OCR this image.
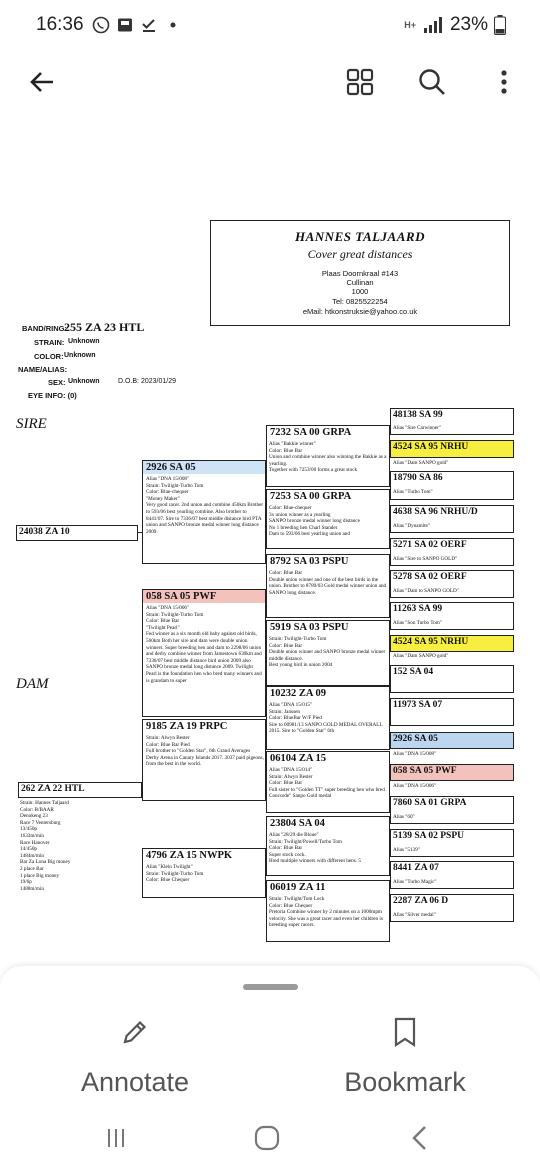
16:36	H+ 23%
HANNES TALJAARD
Cover great distances
Plaas Doornkraal #143
Cullinan
1000
Tel: 0825522254
eMail: htkonstruksie@yahoo.co.uk
BAND/RING:
255 ZA 23 HTL
STRAIN: Unknown
COLOR: Unknown
NAME/ALIAS:
SEX: Unknown	D.O.B: 2023/01/29
EYE INFO: (0)
SIRE
DAM
24038 ZA 10
262 ZA 22 HTL
Strain: Hannes Taljaard
Color: B/BAAR
Denokeng 23
Race 7 Ventersburg
13/450p
1633m/min
Race Hanover
14/450p
1484m/min
Bar Za Lona Big money
2 place Bar
1 place Big money
19/6p
1488m/min
2926 SA 05
Alias "DNA 15/008"
Strain: Twilight-Turbo Tom
Color: Blue-chequer
"Money Maker"
Very good racer. 2nd union and combine 450km Brother to 593/06 best yearling combine. Also brother to 8441/07. Sire to 7336/07 best middle distance bird PTA union and SANPO bronze medal winner long distance 2009.
058 SA 05 PWF
Alias "DNA 15/006"
Strain: Twilight-Turbo Tom
Color: Blue Bar
"Twilight Pearl"
Fed winner as a six month old baby against old birds, 560km Both her sire and dam were double union winners. Super breeding hen and dam to 2298/06 union and derby combine winner from Jamestown 630km and 7336/07 best middle distance bird union 2009 also SANPO bronze medal long distance 2009. Twilight Pearl is the foundation hen who bred many winners and is grandam to super
9185 ZA 19 PRPC
Strain: Alwyn Bester
Color: Blue Bar Pied
Full brother to "Golden Star", 6th Grand Averages Derby Arena in Canary Islands 2017. 3037 paid pigeons, from the best in the world.
4796 ZA 15 NWPK
Alias "Klein Twilight"
Strain: Twilight-Turbo Tom
Color: Blue Chequer
7232 SA 00 GRPA
Alias "Bakkie winner"
Color: Blue Bar
Union and combine winner also winning the Bakkie as a yearling.
Together with 7253/00 forms a great stock
7253 SA 00 GRPA
Color: Blue-chequer
3x union winner as a yearling
SANPO bronze medal winner long distance
No 1 breeding hen Charl Stander
Dam to 593/06 best yearling union and
8792 SA 03 PSPU
Color: Blue Bar
Double union winner and one of the best birds in the union. Brother to 8789/03 Gold medal winner union and SANPO long distance.
5919 SA 03 PSPU
Strain: Twilight-Turbo Tom
Color: Blue Bar
Double union winner and SANPO bronze medal winner middle distance.
Best young bird in union 2004
10232 ZA 09
Alias "DNA 15/015"
Strain: Janssen
Color: BlueBar W/F Pied
Sire to 00981/13 SANPO GOLD MEDAL OVERALL 2015. Sire to "Golden Star" 6th
06104 ZA 15
Alias "DNA 15/014"
Strain: Alwyn Bester
Color: Blue Bar
Full sister to "Golden TT" super breeding hen who bred Concorde" Sanpo Gold medal
23804 SA 04
Alias "28/29 die Bloue"
Strain: Twilight/Powell/Turbo Tom
Color: Blue Bar
Super stock cock.
Bred multiple winners with different hens. 5
06019 ZA 11
Strain: Twilight/Tom Lock
Color: Blue Chequer
Pretoria Combine winner by 2 minutes on a 1000mpm velocity. She was a great racer and even her children is breeding super racers.
48138 SA 99
Alias "Sire Carwinner"
4524 SA 95 NRHU
Alias "Dam SANPO gold"
18790 SA 86
Alias "Turbo Tom"
4638 SA 96 NRHU/D
Alias "Dynamite"
5271 SA 02 OERF
Alias "Sire to SANPO GOLD"
5278 SA 02 OERF
Alias "Dam to SANPO GOLD"
11263 SA 99
Alias "Son Turbo Tom"
4524 SA 95 NRHU
Alias "Dam SANPO gold"
152 SA 04
11973 SA 07
2926 SA 05
Alias "DNA 15/008"
058 SA 05 PWF
Alias "DNA 15/006"
7860 SA 01 GRPA
Alias "60"
5139 SA 02 PSPU
Alias "5139"
8441 ZA 07
Alias "Turbo Magic"
2287 ZA 06 D
Alias "Silver medal"
Annotate	Bookmark
